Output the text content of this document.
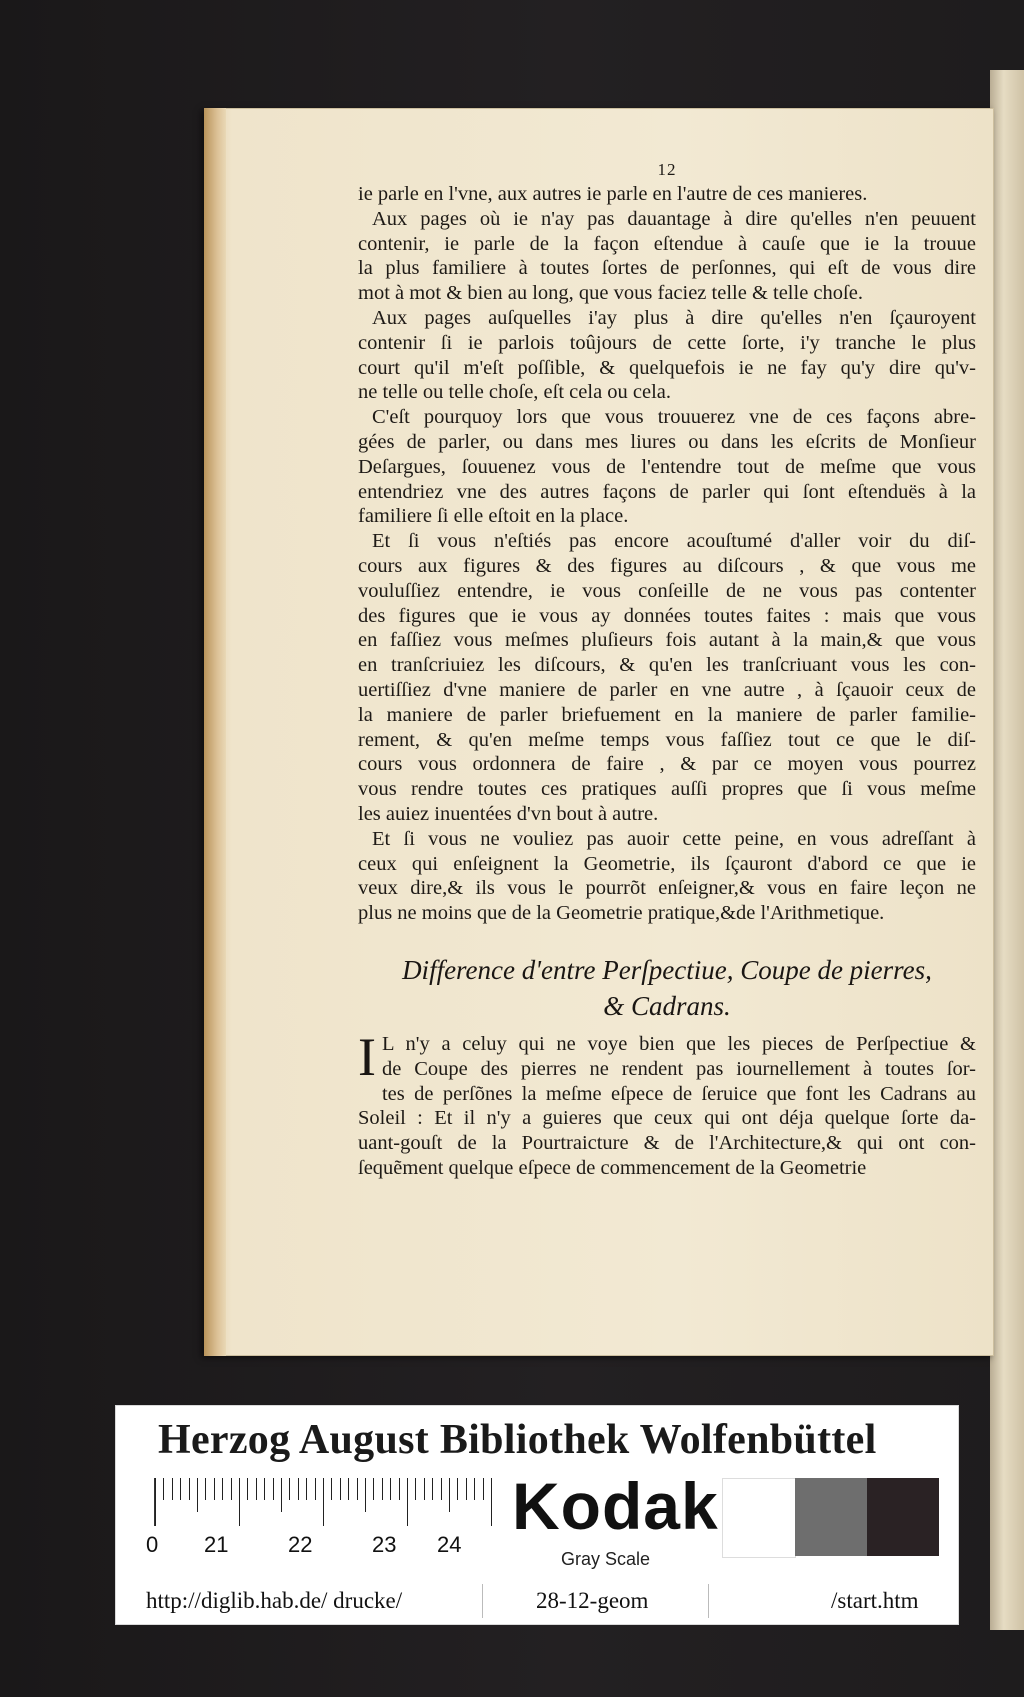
12
ie parle en l'vne, aux autres ie parle en l'autre de ces manieres.
Aux pages où ie n'ay pas dauantage à dire qu'elles n'en peuuent
contenir, ie parle de la façon eſtendue à cauſe que ie la trouue
la plus familiere à toutes ſortes de perſonnes, qui eſt de vous dire
mot à mot & bien au long, que vous faciez telle & telle choſe.
Aux pages auſquelles i'ay plus à dire qu'elles n'en ſçauroyent
contenir ſi ie parlois toûjours de cette ſorte, i'y tranche le plus
court qu'il m'eſt poſſible, & quelquefois ie ne fay qu'y dire qu'v-
ne telle ou telle choſe, eſt cela ou cela.
C'eſt pourquoy lors que vous trouuerez vne de ces façons abre-
gées de parler, ou dans mes liures ou dans les eſcrits de Monſieur
Deſargues, ſouuenez vous de l'entendre tout de meſme que vous
entendriez vne des autres façons de parler qui ſont eſtenduës à la
familiere ſi elle eſtoit en la place.
Et ſi vous n'eſtiés pas encore acouſtumé d'aller voir du diſ-
cours aux figures & des figures au diſcours , & que vous me
vouluſſiez entendre, ie vous conſeille de ne vous pas contenter
des figures que ie vous ay données toutes faites : mais que vous
en faſſiez vous meſmes pluſieurs fois autant à la main,& que vous
en tranſcriuiez les diſcours, & qu'en les tranſcriuant vous les con-
uertiſſiez d'vne maniere de parler en vne autre , à ſçauoir ceux de
la maniere de parler briefuement en la maniere de parler familie-
rement, & qu'en meſme temps vous faſſiez tout ce que le diſ-
cours vous ordonnera de faire , & par ce moyen vous pourrez
vous rendre toutes ces pratiques auſſi propres que ſi vous meſme
les auiez inuentées d'vn bout à autre.
Et ſi vous ne vouliez pas auoir cette peine, en vous adreſſant à
ceux qui enſeignent la Geometrie, ils ſçauront d'abord ce que ie
veux dire,& ils vous le pourrõt enſeigner,& vous en faire leçon ne
plus ne moins que de la Geometrie pratique,&de l'Arithmetique.
Difference d'entre Perſpectiue, Coupe de pierres,
& Cadrans.
I L n'y a celuy qui ne voye bien que les pieces de Perſpectiue &
de Coupe des pierres ne rendent pas iournellement à toutes ſor-
tes de perſõnes la meſme eſpece de ſeruice que font les Cadrans au
Soleil : Et il n'y a guieres que ceux qui ont déja quelque ſorte da-
uant-gouſt de la Pourtraicture & de l'Architecture,& qui ont con-
ſequẽment quelque eſpece de commencement de la Geometrie
Herzog August Bibliothek Wolfenbüttel
0 21	22	23 24
Kodak
Gray Scale
http://diglib.hab.de/ drucke/	28-12-geom	/start.htm
